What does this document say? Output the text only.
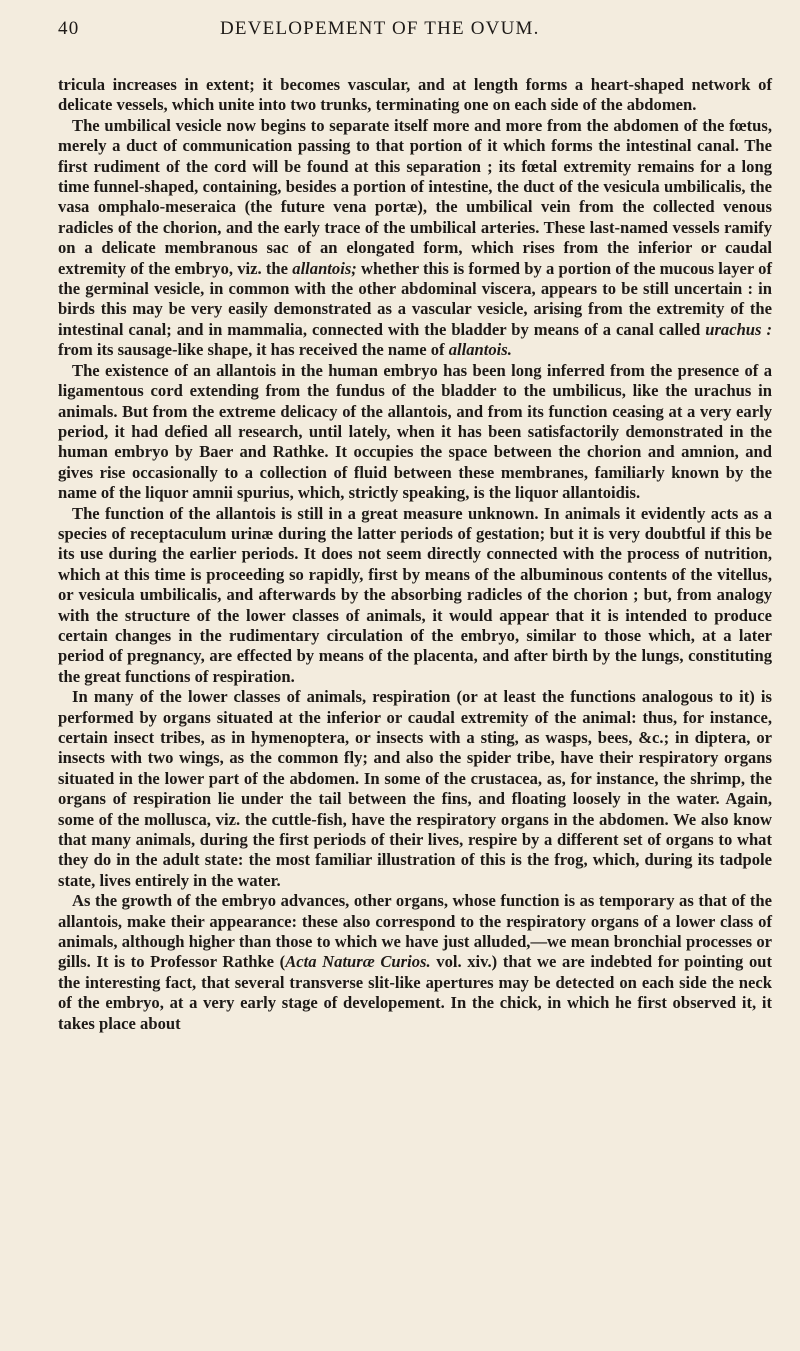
40	DEVELOPEMENT OF THE OVUM.

tricula increases in extent; it becomes vascular, and at length forms a heart-shaped network of delicate vessels, which unite into two trunks, terminating one on each side of the abdomen.

The umbilical vesicle now begins to separate itself more and more from the abdomen of the fœtus, merely a duct of communication passing to that portion of it which forms the intestinal canal. The first rudiment of the cord will be found at this separation ; its fœtal extremity remains for a long time funnel-shaped, containing, besides a portion of intestine, the duct of the vesicula umbilicalis, the vasa omphalo-meseraica (the future vena portæ), the umbilical vein from the collected venous radicles of the chorion, and the early trace of the umbilical arteries. These last-named vessels ramify on a delicate membranous sac of an elongated form, which rises from the inferior or caudal extremity of the embryo, viz. the allantois; whether this is formed by a portion of the mucous layer of the germinal vesicle, in common with the other abdominal viscera, appears to be still uncertain : in birds this may be very easily demonstrated as a vascular vesicle, arising from the extremity of the intestinal canal; and in mammalia, connected with the bladder by means of a canal called urachus : from its sausage-like shape, it has received the name of allantois.

The existence of an allantois in the human embryo has been long inferred from the presence of a ligamentous cord extending from the fundus of the bladder to the umbilicus, like the urachus in animals. But from the extreme delicacy of the allantois, and from its function ceasing at a very early period, it had defied all research, until lately, when it has been satisfactorily demonstrated in the human embryo by Baer and Rathke. It occupies the space between the chorion and amnion, and gives rise occasionally to a collection of fluid between these membranes, familiarly known by the name of the liquor amnii spurius, which, strictly speaking, is the liquor allantoidis.

The function of the allantois is still in a great measure unknown. In animals it evidently acts as a species of receptaculum urinæ during the latter periods of gestation; but it is very doubtful if this be its use during the earlier periods. It does not seem directly connected with the process of nutrition, which at this time is proceeding so rapidly, first by means of the albuminous contents of the vitellus, or vesicula umbilicalis, and afterwards by the absorbing radicles of the chorion ; but, from analogy with the structure of the lower classes of animals, it would appear that it is intended to produce certain changes in the rudimentary circulation of the embryo, similar to those which, at a later period of pregnancy, are effected by means of the placenta, and after birth by the lungs, constituting the great functions of respiration.

In many of the lower classes of animals, respiration (or at least the functions analogous to it) is performed by organs situated at the inferior or caudal extremity of the animal: thus, for instance, certain insect tribes, as in hymenoptera, or insects with a sting, as wasps, bees, &c.; in diptera, or insects with two wings, as the common fly; and also the spider tribe, have their respiratory organs situated in the lower part of the abdomen. In some of the crustacea, as, for instance, the shrimp, the organs of respiration lie under the tail between the fins, and floating loosely in the water. Again, some of the mollusca, viz. the cuttle-fish, have the respiratory organs in the abdomen. We also know that many animals, during the first periods of their lives, respire by a different set of organs to what they do in the adult state: the most familiar illustration of this is the frog, which, during its tadpole state, lives entirely in the water.

As the growth of the embryo advances, other organs, whose function is as temporary as that of the allantois, make their appearance: these also correspond to the respiratory organs of a lower class of animals, although higher than those to which we have just alluded,—we mean bronchial processes or gills. It is to Professor Rathke (Acta Naturæ Curios. vol. xiv.) that we are indebted for pointing out the interesting fact, that several transverse slit-like apertures may be detected on each side the neck of the embryo, at a very early stage of developement. In the chick, in which he first observed it, it takes place about
